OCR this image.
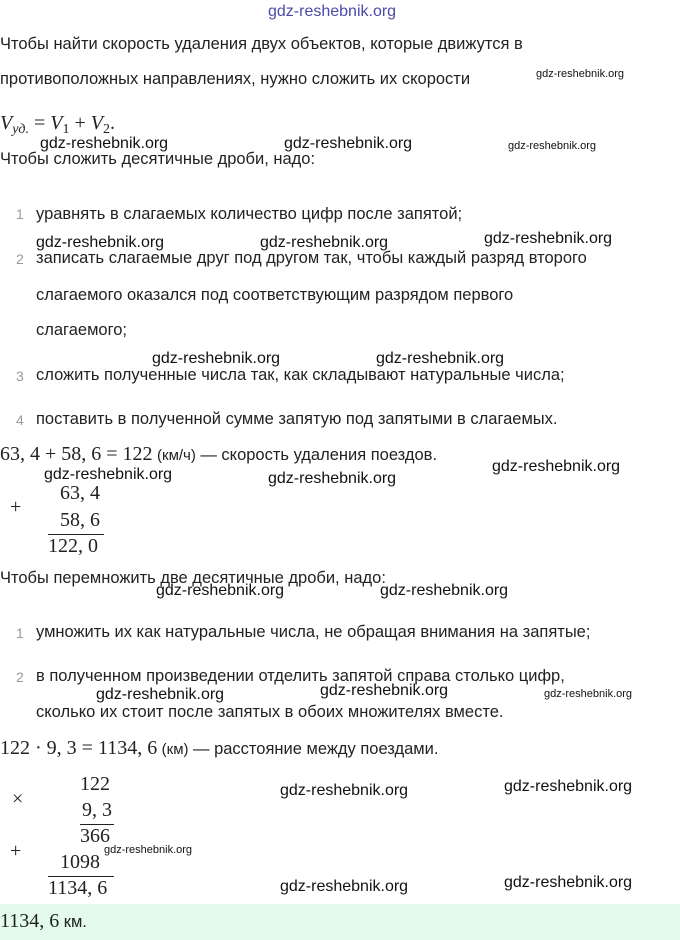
gdz-reshebnik.org
Чтобы найти скорость удаления двух объектов, которые движутся в
противоположных направлениях, нужно сложить их скорости	gdz-reshebnik.org
$V_{уд.} = V_1 + V_2$.
gdz-reshebnik.org	gdz-reshebnik.org	gdz-reshebnik.org
Чтобы сложить десятичные дроби, надо:
1 уравнять в слагаемых количество цифр после запятой;
gdz-reshebnik.org	gdz-reshebnik.org	gdz-reshebnik.org
2 записать слагаемые друг под другом так, чтобы каждый разряд второго
слагаемого оказался под соответствующим разрядом первого
слагаемого;
gdz-reshebnik.org	gdz-reshebnik.org
3 сложить полученные числа так, как складывают натуральные числа;
4 поставить в полученной сумме запятую под запятыми в слагаемых.
63, 4 + 58, 6 = 122 (км/ч) — скорость удаления поездов.
gdz-reshebnik.org	gdz-reshebnik.org
gdz-reshebnik.org
+
63, 4
58, 6
122, 0
Чтобы перемножить две десятичные дроби, надо:
gdz-reshebnik.org	gdz-reshebnik.org
1 умножить их как натуральные числа, не обращая внимания на запятые;
2 в полученном произведении отделить запятой справа столько цифр,
gdz-reshebnik.org	gdz-reshebnik.org	gdz-reshebnik.org
сколько их стоит после запятых в обоих множителях вместе.
122 · 9, 3 = 1134, 6 (км) — расстояние между поездами.
×
122
9, 3
366
+ 1098
gdz-reshebnik.org
1134, 6
gdz-reshebnik.org	gdz-reshebnik.org
gdz-reshebnik.org	gdz-reshebnik.org
1134, 6 км.
